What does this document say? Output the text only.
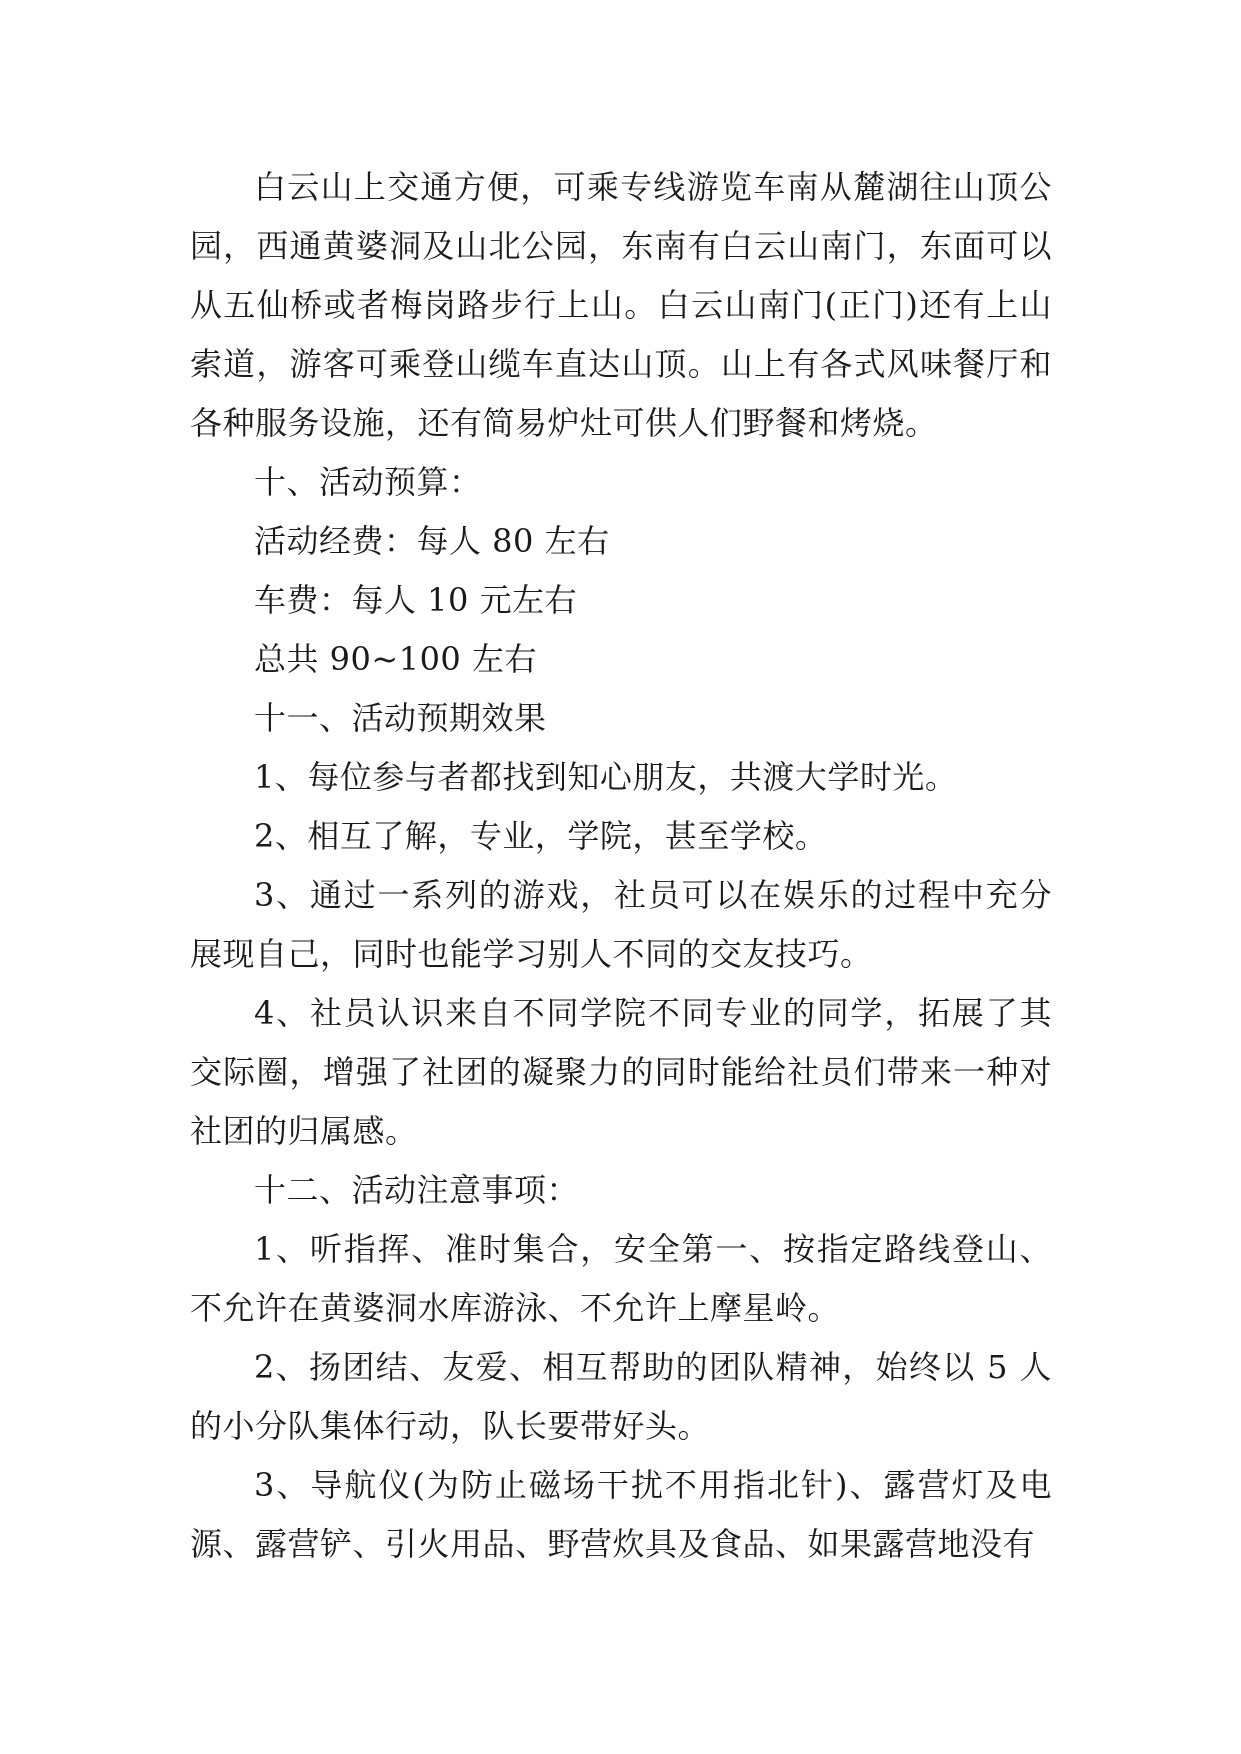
白云山上交通方便，可乘专线游览车南从麓湖往山顶公园，西通黄婆洞及山北公园，东南有白云山南门，东面可以从五仙桥或者梅岗路步行上山。白云山南门(正门)还有上山索道，游客可乘登山缆车直达山顶。山上有各式风味餐厅和各种服务设施，还有简易炉灶可供人们野餐和烤烧。

十、活动预算：

活动经费：每人 80 左右

车费：每人 10 元左右

总共 90~100 左右

十一、活动预期效果

1、每位参与者都找到知心朋友，共渡大学时光。

2、相互了解，专业，学院，甚至学校。

3、通过一系列的游戏，社员可以在娱乐的过程中充分展现自己，同时也能学习别人不同的交友技巧。

4、社员认识来自不同学院不同专业的同学，拓展了其交际圈，增强了社团的凝聚力的同时能给社员们带来一种对社团的归属感。

十二、活动注意事项：

1、听指挥、准时集合，安全第一、按指定路线登山、不允许在黄婆洞水库游泳、不允许上摩星岭。

2、扬团结、友爱、相互帮助的团队精神，始终以 5 人的小分队集体行动，队长要带好头。

3、导航仪(为防止磁场干扰不用指北针)、露营灯及电源、露营铲、引火用品、野营炊具及食品、如果露营地没有
